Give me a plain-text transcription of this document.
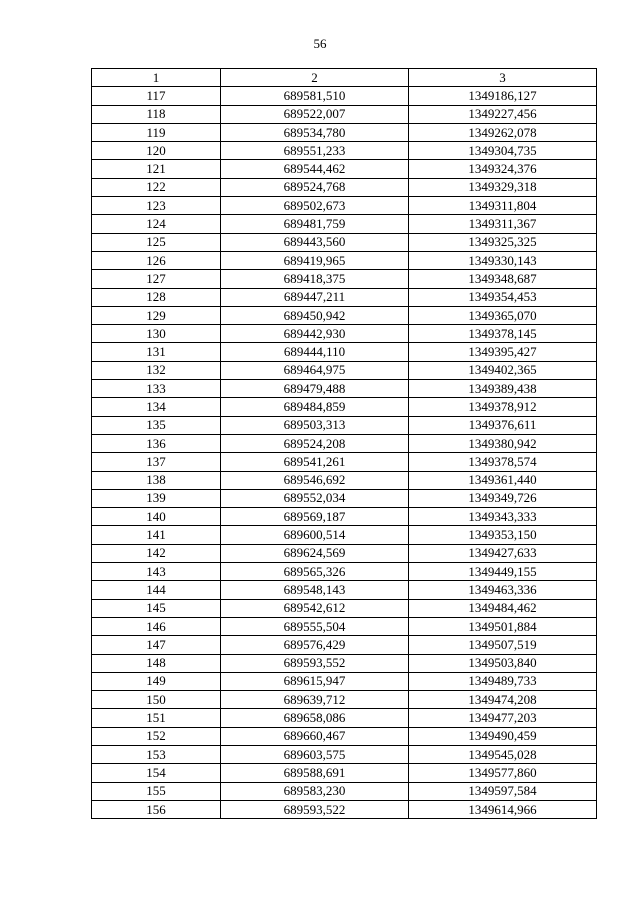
56
1	2	3
117	689581,510	1349186,127
118	689522,007	1349227,456
119	689534,780	1349262,078
120	689551,233	1349304,735
121	689544,462	1349324,376
122	689524,768	1349329,318
123	689502,673	1349311,804
124	689481,759	1349311,367
125	689443,560	1349325,325
126	689419,965	1349330,143
127	689418,375	1349348,687
128	689447,211	1349354,453
129	689450,942	1349365,070
130	689442,930	1349378,145
131	689444,110	1349395,427
132	689464,975	1349402,365
133	689479,488	1349389,438
134	689484,859	1349378,912
135	689503,313	1349376,611
136	689524,208	1349380,942
137	689541,261	1349378,574
138	689546,692	1349361,440
139	689552,034	1349349,726
140	689569,187	1349343,333
141	689600,514	1349353,150
142	689624,569	1349427,633
143	689565,326	1349449,155
144	689548,143	1349463,336
145	689542,612	1349484,462
146	689555,504	1349501,884
147	689576,429	1349507,519
148	689593,552	1349503,840
149	689615,947	1349489,733
150	689639,712	1349474,208
151	689658,086	1349477,203
152	689660,467	1349490,459
153	689603,575	1349545,028
154	689588,691	1349577,860
155	689583,230	1349597,584
156	689593,522	1349614,966
